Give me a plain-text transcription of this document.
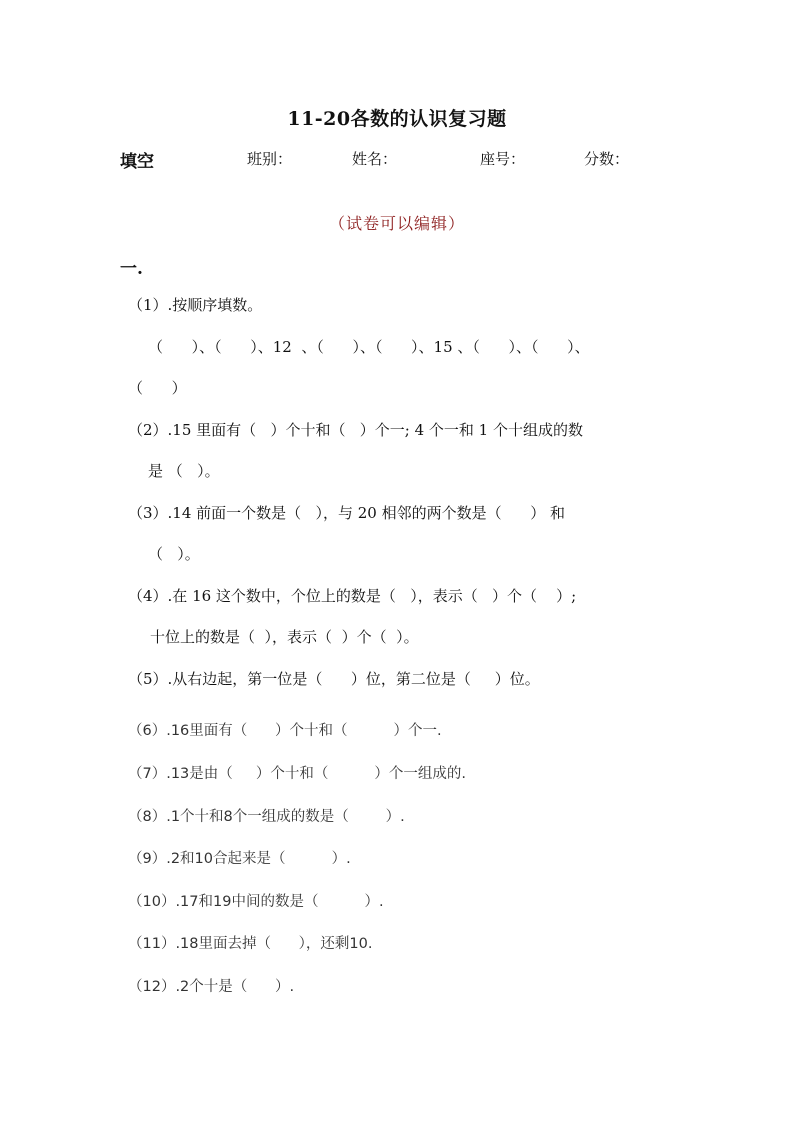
11-20各数的认识复习题
填空	班别：	姓名：	座号：	分数：
（试卷可以编辑）
一.
（1）.按顺序填数。
（      ）、（      ）、12  、（      ）、（      ）、15 、（      ）、（      ）、
（      ）
（2）.15 里面有（   ）个十和（   ）个一; 4 个一和 1 个十组成的数
是 （   ）。
（3）.14 前面一个数是（   ），与 20 相邻的两个数是（      ） 和
（   ）。
（4）.在 16 这个数中，个位上的数是（   ），表示（   ）个（    ）;
十位上的数是（  ），表示（  ）个（  ）。
（5）.从右边起，第一位是（      ）位，第二位是（     ）位。
（6）.16里面有（      ）个十和（          ）个一.
（7）.13是由（     ）个十和（          ）个一组成的.
（8）.1个十和8个一组成的数是（        ）.
（9）.2和10合起来是（          ）.
（10）.17和19中间的数是（          ）.
（11）.18里面去掉（      ），还剩10.
（12）.2个十是（      ）.
